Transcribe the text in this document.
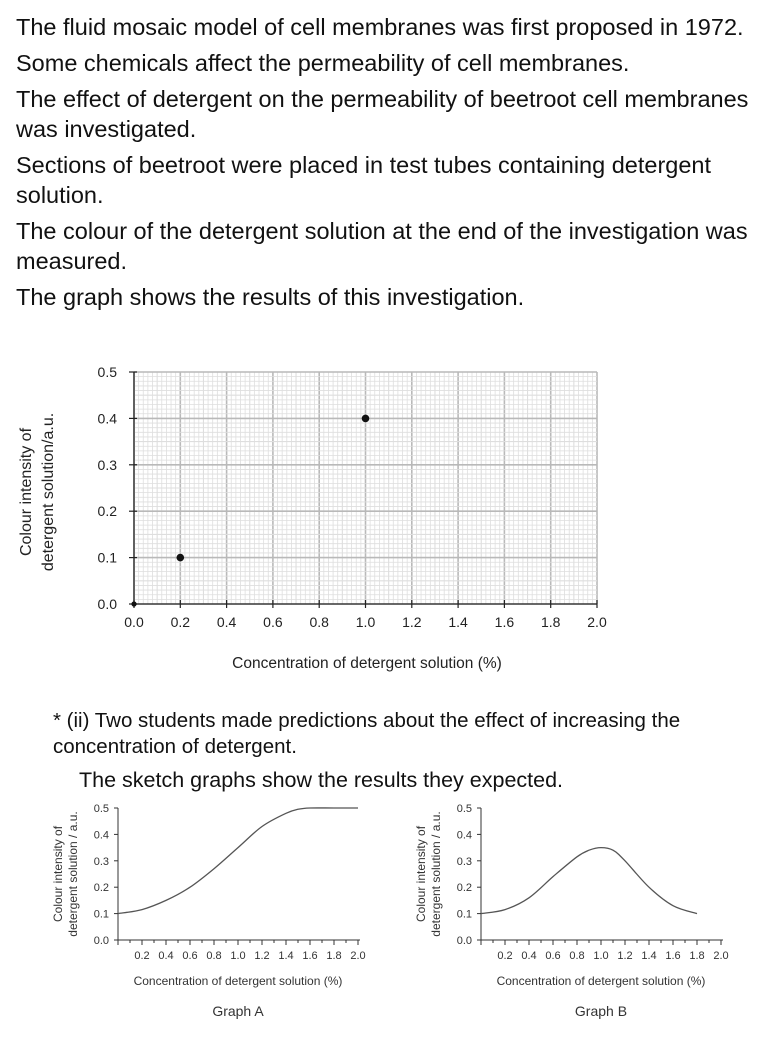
The fluid mosaic model of cell membranes was first proposed in 1972.

Some chemicals affect the permeability of cell membranes.

The effect of detergent on the permeability of beetroot cell membranes was investigated.

Sections of beetroot were placed in test tubes containing detergent solution.

The colour of the detergent solution at the end of the investigation was measured.

The graph shows the results of this investigation.

0.0 0.2 0.4 0.6 0.8 1.0 1.2 1.4 1.6 1.8 2.0
0.0
0.1
0.2
0.3
0.4
0.5
Colour intensity of detergent solution/a.u.
Concentration of detergent solution (%)
* (ii) Two students made predictions about the effect of increasing the concentration of detergent.
The sketch graphs show the results they expected.
0.0
0.1
0.2
0.3
0.4
0.5
0.2 0.4 0.6 0.8 1.0 1.2 1.4 1.6 1.8 2.0
Colour intensity of detergent solution / a.u.
Concentration of detergent solution (%)
Graph A
0.0
0.1
0.2
0.3
0.4
0.5
0.2 0.4 0.6 0.8 1.0 1.2 1.4 1.6 1.8 2.0
Colour intensity of detergent solution / a.u.
Concentration of detergent solution (%)
Graph B
